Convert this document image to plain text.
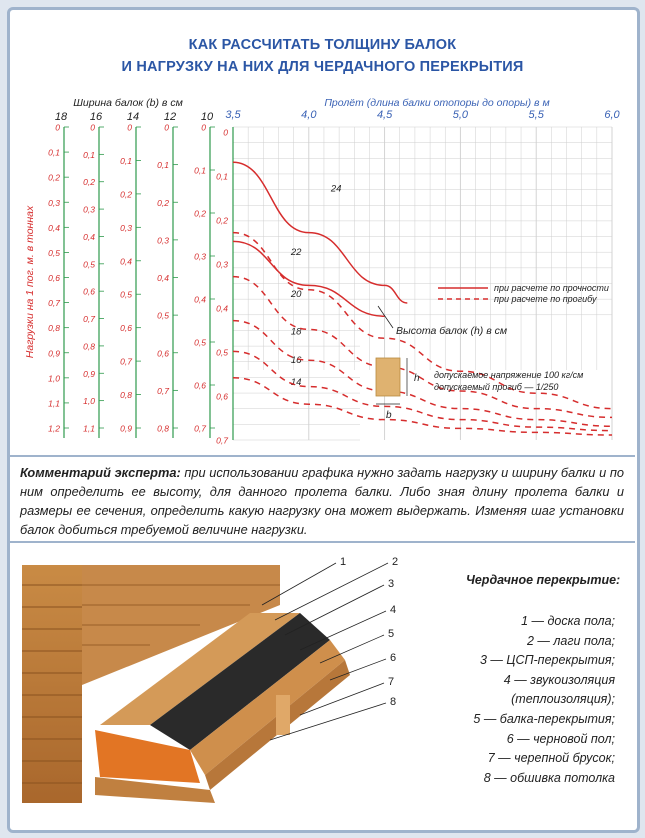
КАК РАССЧИТАТЬ ТОЛЩИНУ БАЛОК
И НАГРУЗКУ НА НИХ ДЛЯ ЧЕРДАЧНОГО ПЕРЕКРЫТИЯ
18
0
0,1
0,2
0,3
0,4
0,5
0,6
0,7
0,8
0,9
1,0
1,1
1,2
16
0
0,1
0,2
0,3
0,4
0,5
0,6
0,7
0,8
0,9
1,0
1,1
14
0
0,1
0,2
0,3
0,4
0,5
0,6
0,7
0,8
0,9
12
0
0,1
0,2
0,3
0,4
0,5
0,6
0,7
0,8
10
0
0,1
0,2
0,3
0,4
0,5
0,6
0,7
0
0,1
0,2
0,3
0,4
0,5
0,6
0,7
14
16
18
20
22
24
Ширина балок (b) в см	Пролёт (длина балки отопоры до опоры) в м
Нагрузки на 1 пог. м. в тоннах
3,5	4,0	4,5	5,0	5,5	6,0
Высота балок (h) в см
при расчете по прочности
при расчете по прогибу
h
b
допускаемое напряжение 100 кг/см
допускаемый прогиб — 1/250
Комментарий эксперта: при использовании графика нужно задать нагрузку и ширину балки и по ним определить ее высоту, для данного пролета балки. Либо зная длину пролета балки и размеры ее сечения, определить какую нагрузку она может выдержать. Изменяя шаг установки балок добиться требуемой величине нагрузки.
1	2
3
4
5
6
7
8
Чердачное перекрытие:
1 — доска пола;
2 — лаги пола;
3 — ЦСП-перекрытия;
4 — звукоизоляция
(теплоизоляция);
5 — балка-перекрытия;
6 — черновой пол;
7 — черепной брусок;
8 — обшивка потолка
